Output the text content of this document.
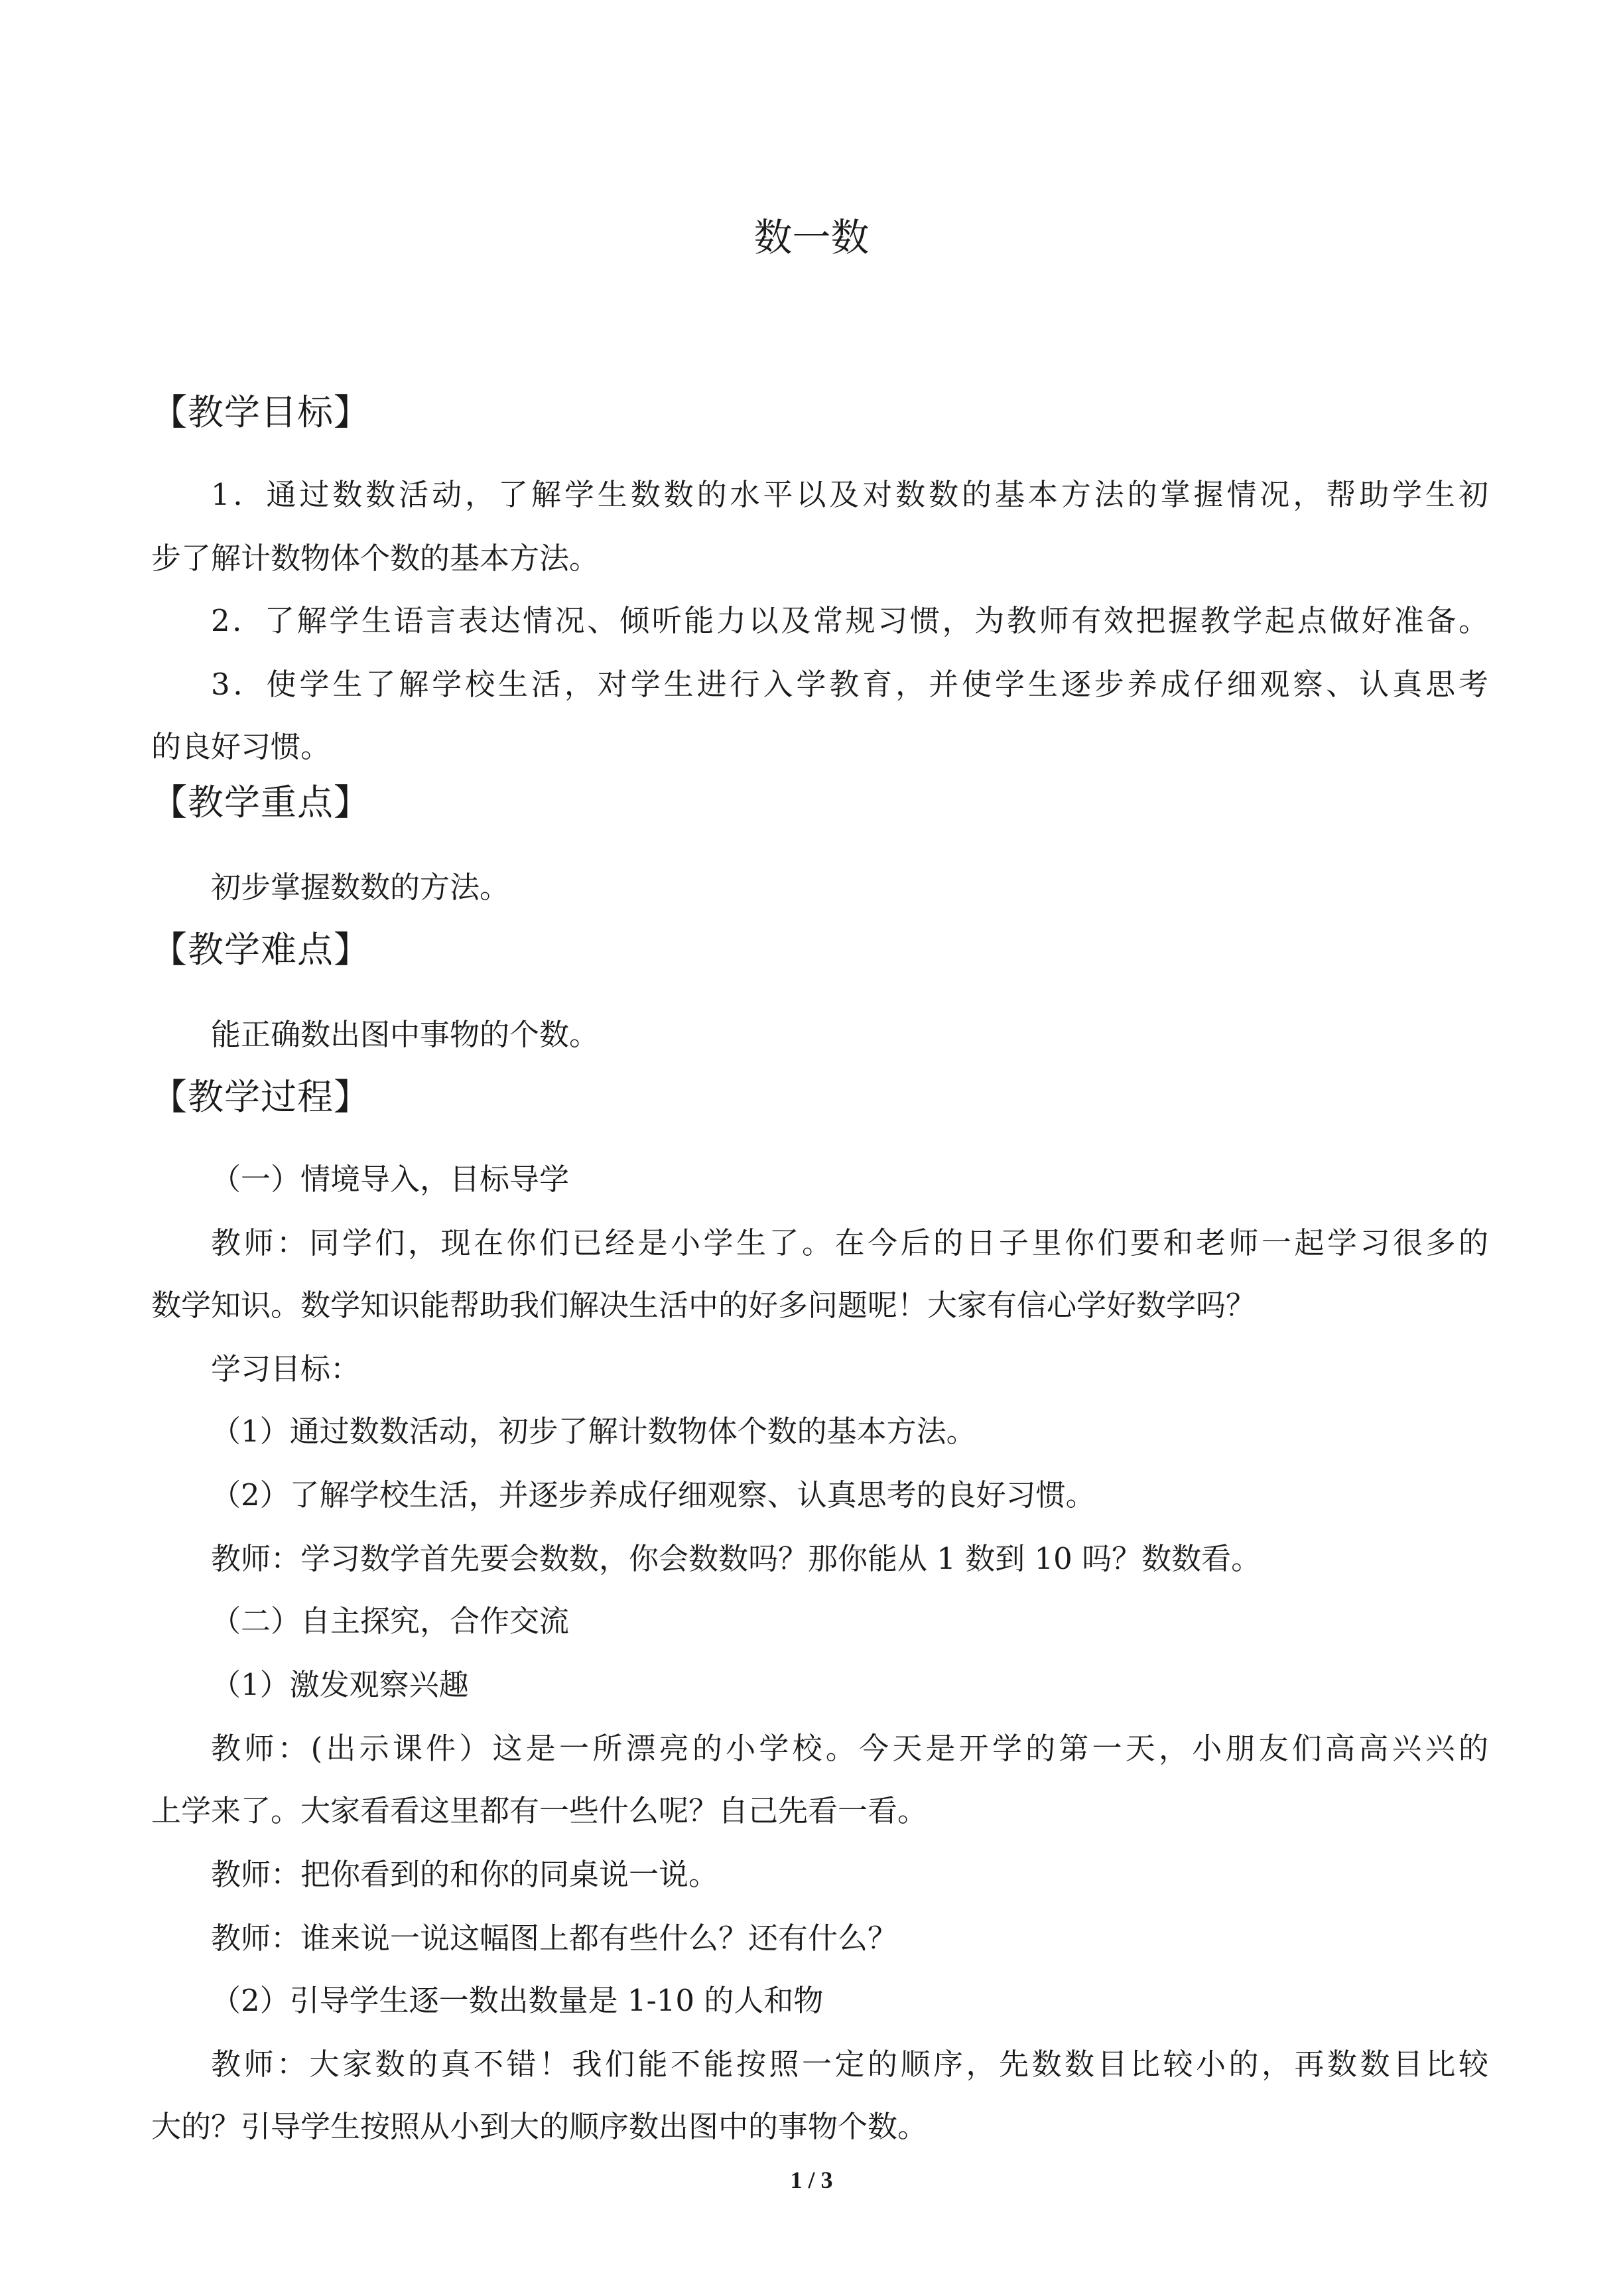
数一数
【教学目标】
1．通过数数活动，了解学生数数的水平以及对数数的基本方法的掌握情况，帮助学生初
步了解计数物体个数的基本方法。
2．了解学生语言表达情况、倾听能力以及常规习惯，为教师有效把握教学起点做好准备。
3．使学生了解学校生活，对学生进行入学教育，并使学生逐步养成仔细观察、认真思考
的良好习惯。
【教学重点】
初步掌握数数的方法。
【教学难点】
能正确数出图中事物的个数。
【教学过程】
（一）情境导入，目标导学
教师：同学们，现在你们已经是小学生了。在今后的日子里你们要和老师一起学习很多的
数学知识。数学知识能帮助我们解决生活中的好多问题呢！大家有信心学好数学吗？
学习目标：
（1）通过数数活动，初步了解计数物体个数的基本方法。
（2）了解学校生活，并逐步养成仔细观察、认真思考的良好习惯。
教师：学习数学首先要会数数，你会数数吗？那你能从 1 数到 10 吗？数数看。
（二）自主探究，合作交流
（1）激发观察兴趣
教师：(出示课件）这是一所漂亮的小学校。今天是开学的第一天，小朋友们高高兴兴的
上学来了。大家看看这里都有一些什么呢？自己先看一看。
教师：把你看到的和你的同桌说一说。
教师：谁来说一说这幅图上都有些什么？还有什么？
（2）引导学生逐一数出数量是 1-10 的人和物
教师：大家数的真不错！我们能不能按照一定的顺序，先数数目比较小的，再数数目比较
大的？引导学生按照从小到大的顺序数出图中的事物个数。
1 / 3
